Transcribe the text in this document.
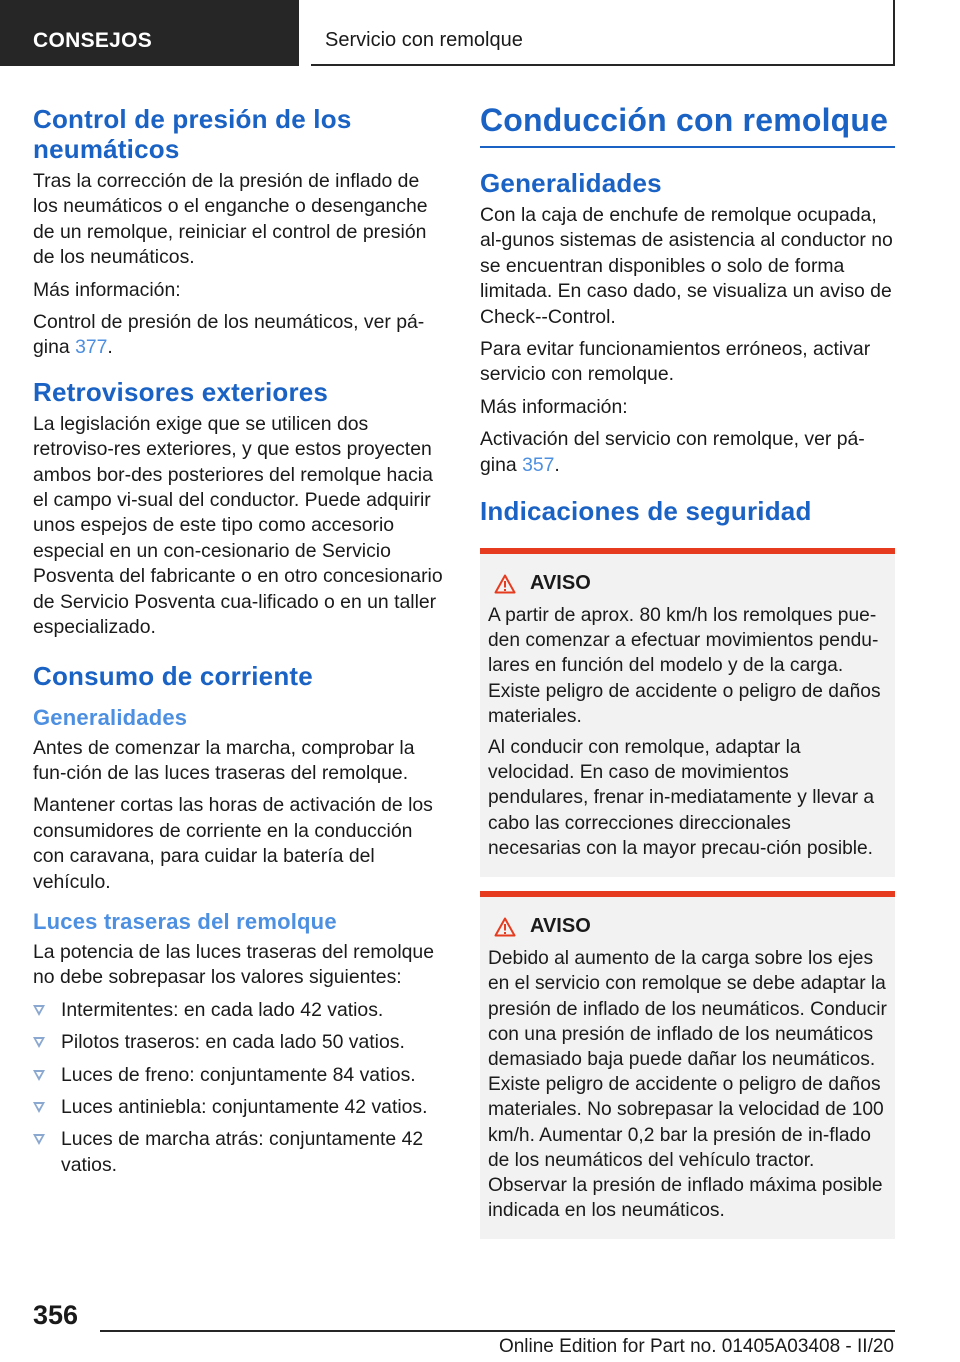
CONSEJOS	Servicio con remolque
Control de presión de los neumáticos

Tras la corrección de la presión de inflado de los neumáticos o el enganche o desenganche de un remolque, reiniciar el control de presión de los neumáticos.

Más información:

Control de presión de los neumáticos, ver pá-gina 377.

Retrovisores exteriores

La legislación exige que se utilicen dos retroviso-res exteriores, y que estos proyecten ambos bor-des posteriores del remolque hacia el campo vi-sual del conductor. Puede adquirir unos espejos de este tipo como accesorio especial en un con-cesionario de Servicio Posventa del fabricante o en otro concesionario de Servicio Posventa cua-lificado o en un taller especializado.

Consumo de corriente
Generalidades

Antes de comenzar la marcha, comprobar la fun-ción de las luces traseras del remolque.

Mantener cortas las horas de activación de los consumidores de corriente en la conducción con caravana, para cuidar la batería del vehículo.

Luces traseras del remolque

La potencia de las luces traseras del remolque no debe sobrepasar los valores siguientes:

Intermitentes: en cada lado 42 vatios.
Pilotos traseros: en cada lado 50 vatios.
Luces de freno: conjuntamente 84 vatios.
Luces antiniebla: conjuntamente 42 vatios.
Luces de marcha atrás: conjuntamente 42 vatios.
Conducción con remolque
Generalidades

Con la caja de enchufe de remolque ocupada, al-gunos sistemas de asistencia al conductor no se encuentran disponibles o solo de forma limitada. En caso dado, se visualiza un aviso de Check--Control.

Para evitar funcionamientos erróneos, activar servicio con remolque.

Más información:

Activación del servicio con remolque, ver pá-gina 357.

Indicaciones de seguridad
AVISO

A partir de aprox. 80 km/h los remolques pue-den comenzar a efectuar movimientos pendu-lares en función del modelo y de la carga. Existe peligro de accidente o peligro de daños materiales.

Al conducir con remolque, adaptar la velocidad. En caso de movimientos pendulares, frenar in-mediatamente y llevar a cabo las correcciones direccionales necesarias con la mayor precau-ción posible.

AVISO

Debido al aumento de la carga sobre los ejes en el servicio con remolque se debe adaptar la presión de inflado de los neumáticos. Conducir con una presión de inflado de los neumáticos demasiado baja puede dañar los neumáticos. Existe peligro de accidente o peligro de daños materiales. No sobrepasar la velocidad de 100 km/h. Aumentar 0,2 bar la presión de in-flado de los neumáticos del vehículo tractor. Observar la presión de inflado máxima posible indicada en los neumáticos.

356
Online Edition for Part no. 01405A03408 - II/20
